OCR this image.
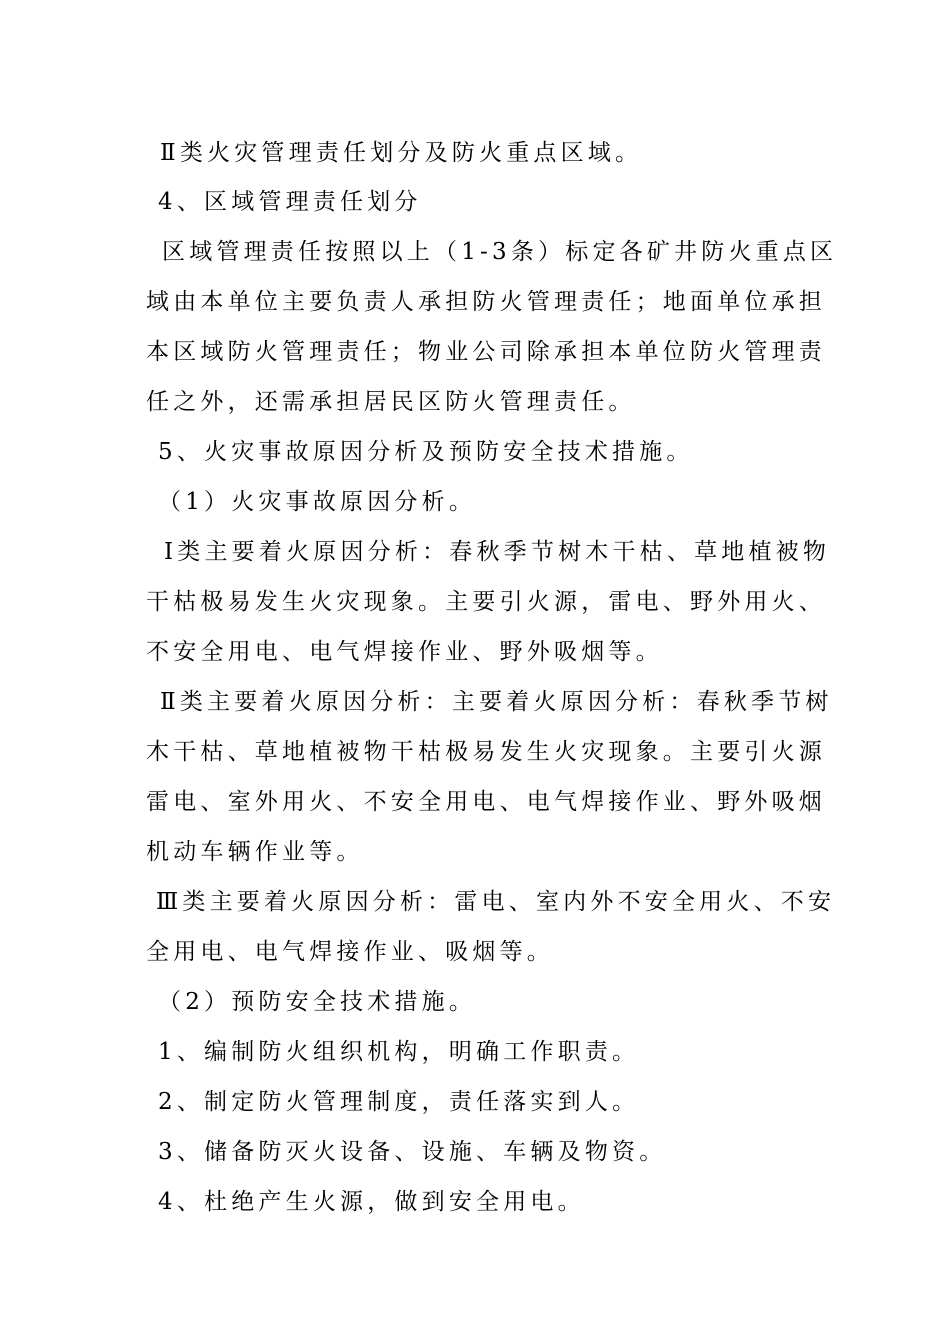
Ⅱ类火灾管理责任划分及防火重点区域。
4、区域管理责任划分
区域管理责任按照以上（1-3条）标定各矿井防火重点区
域由本单位主要负责人承担防火管理责任；地面单位承担
本区域防火管理责任；物业公司除承担本单位防火管理责
任之外，还需承担居民区防火管理责任。
5、火灾事故原因分析及预防安全技术措施。
（1）火灾事故原因分析。
Ⅰ类主要着火原因分析：春秋季节树木干枯、草地植被物
干枯极易发生火灾现象。主要引火源，雷电、野外用火、
不安全用电、电气焊接作业、野外吸烟等。
Ⅱ类主要着火原因分析：主要着火原因分析：春秋季节树
木干枯、草地植被物干枯极易发生火灾现象。主要引火源
雷电、室外用火、不安全用电、电气焊接作业、野外吸烟
机动车辆作业等。
Ⅲ类主要着火原因分析：雷电、室内外不安全用火、不安
全用电、电气焊接作业、吸烟等。
（2）预防安全技术措施。
1、编制防火组织机构，明确工作职责。
2、制定防火管理制度，责任落实到人。
3、储备防灭火设备、设施、车辆及物资。
4、杜绝产生火源，做到安全用电。
